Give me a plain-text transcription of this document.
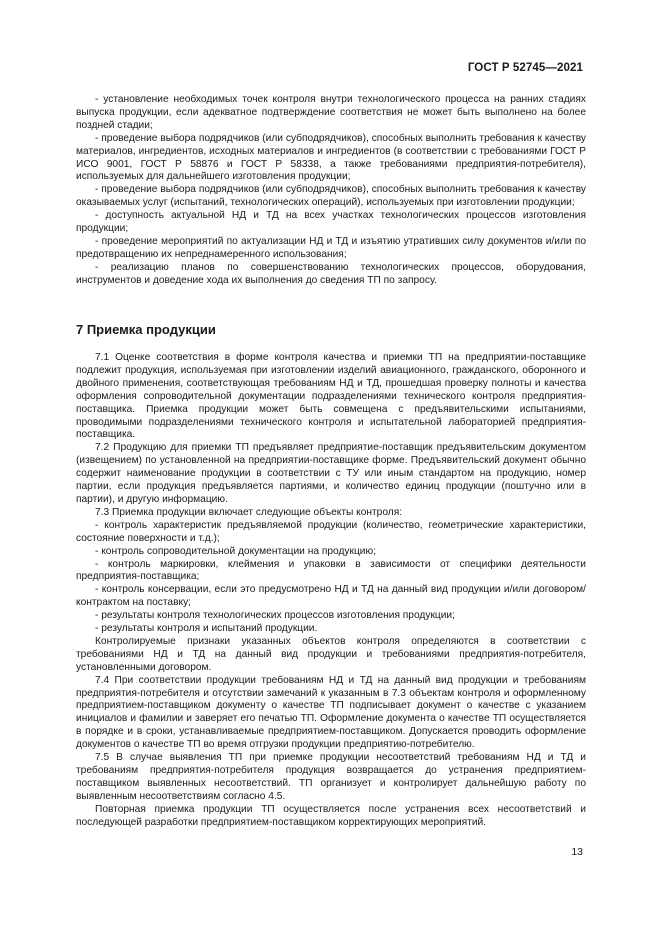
ГОСТ Р 52745—2021

- установление необходимых точек контроля внутри технологического процесса на ранних стадиях выпуска продукции, если адекватное подтверждение соответствия не может быть выполнено на более поздней стадии;

- проведение выбора подрядчиков (или субподрядчиков), способных выполнить требования к качеству материалов, ингредиентов, исходных материалов и ингредиентов (в соответствии с требованиями ГОСТ Р ИСО 9001, ГОСТ Р 58876 и ГОСТ Р 58338, а также требованиями предприятия-потребителя), используемых для дальнейшего изготовления продукции;

- проведение выбора подрядчиков (или субподрядчиков), способных выполнить требования к качеству оказываемых услуг (испытаний, технологических операций), используемых при изготовлении продукции;

- доступность актуальной НД и ТД на всех участках технологических процессов изготовления продукции;

- проведение мероприятий по актуализации НД и ТД и изъятию утративших силу документов и/или по предотвращению их непреднамеренного использования;

- реализацию планов по совершенствованию технологических процессов, оборудования, инструментов и доведение хода их выполнения до сведения ТП по запросу.

7 Приемка продукции

7.1 Оценке соответствия в форме контроля качества и приемки ТП на предприятии-поставщике подлежит продукция, используемая при изготовлении изделий авиационного, гражданского, оборонного и двойного применения, соответствующая требованиям НД и ТД, прошедшая проверку полноты и качества оформления сопроводительной документации подразделениями технического контроля предприятия-поставщика. Приемка продукции может быть совмещена с предъявительскими испытаниями, проводимыми подразделениями технического контроля и испытательной лабораторией предприятия-поставщика.

7.2 Продукцию для приемки ТП предъявляет предприятие-поставщик предъявительским документом (извещением) по установленной на предприятии-поставщике форме. Предъявительский документ обычно содержит наименование продукции в соответствии с ТУ или иным стандартом на продукцию, номер партии, если продукция предъявляется партиями, и количество единиц продукции (поштучно или в партии), и другую информацию.

7.3 Приемка продукции включает следующие объекты контроля:

- контроль характеристик предъявляемой продукции (количество, геометрические характеристики, состояние поверхности и т.д.);

- контроль сопроводительной документации на продукцию;

- контроль маркировки, клеймения и упаковки в зависимости от специфики деятельности предприятия-поставщика;

- контроль консервации, если это предусмотрено НД и ТД на данный вид продукции и/или договором/контрактом на поставку;

- результаты контроля технологических процессов изготовления продукции;

- результаты контроля и испытаний продукции.

Контролируемые признаки указанных объектов контроля определяются в соответствии с требованиями НД и ТД на данный вид продукции и требованиями предприятия-потребителя, установленными договором.

7.4 При соответствии продукции требованиям НД и ТД на данный вид продукции и требованиям предприятия-потребителя и отсутствии замечаний к указанным в 7.3 объектам контроля и оформленному предприятием-поставщиком документу о качестве ТП подписывает документ о качестве с указанием инициалов и фамилии и заверяет его печатью ТП. Оформление документа о качестве ТП осуществляется в порядке и в сроки, устанавливаемые предприятием-поставщиком. Допускается проводить оформление документов о качестве ТП во время отгрузки продукции предприятию-потребителю.

7.5 В случае выявления ТП при приемке продукции несоответствий требованиям НД и ТД и требованиям предприятия-потребителя продукция возвращается до устранения предприятием-поставщиком выявленных несоответствий. ТП организует и контролирует дальнейшую работу по выявленным несоответствиям согласно 4.5.

Повторная приемка продукции ТП осуществляется после устранения всех несоответствий и последующей разработки предприятием-поставщиком корректирующих мероприятий.

13
